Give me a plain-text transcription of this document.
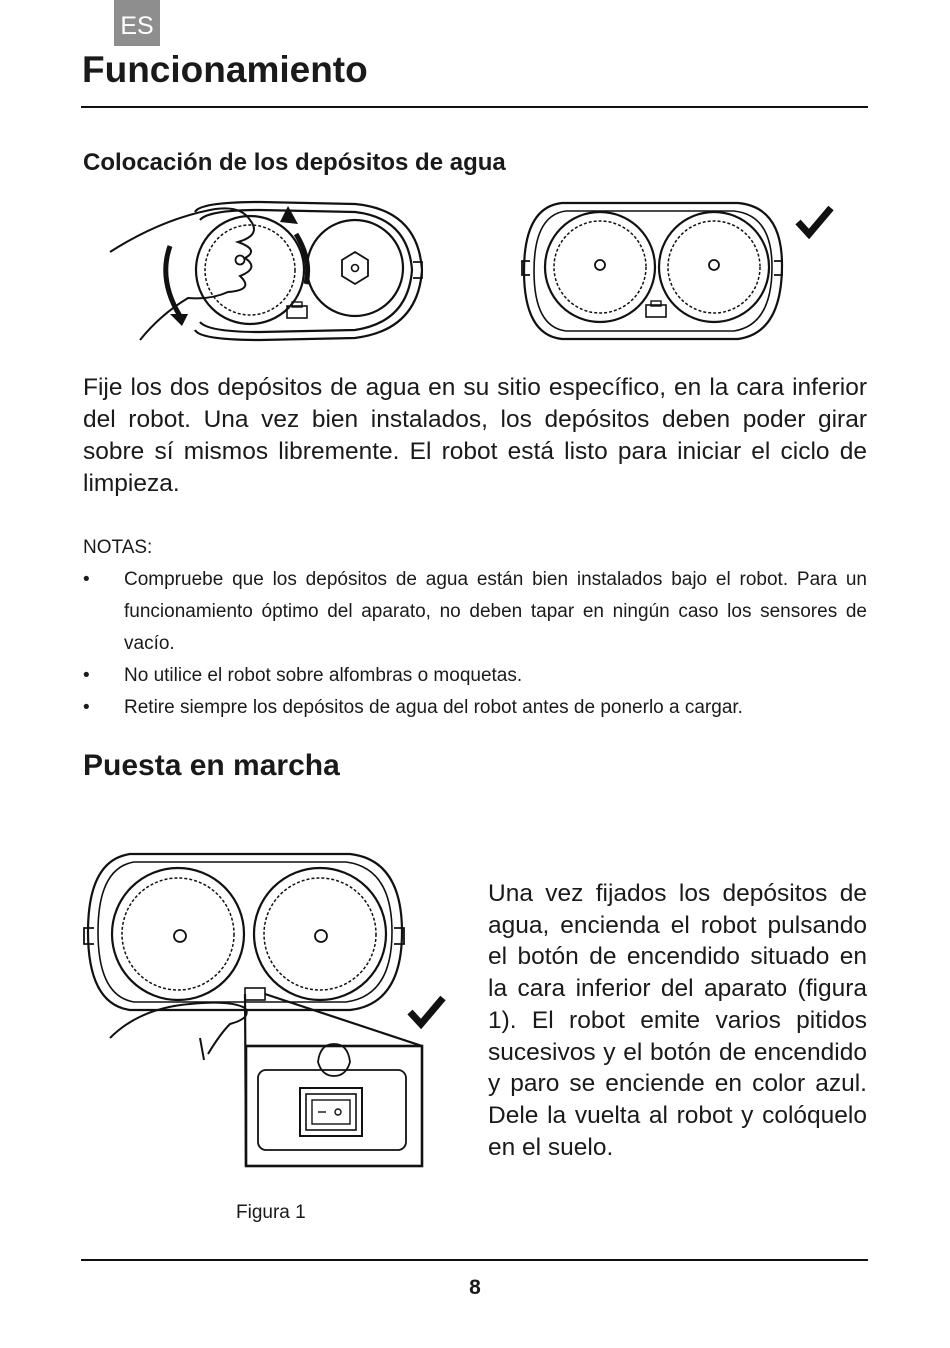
ES
Funcionamiento
Colocación de los depósitos de agua

Fije los dos depósitos de agua en su sitio específico, en la cara inferior del robot. Una vez bien instalados, los depósitos deben poder girar sobre sí mismos libremente. El robot está listo para iniciar el ciclo de limpieza.

NOTAS:
• Compruebe que los depósitos de agua están bien instalados bajo el robot. Para un funcionamiento óptimo del aparato, no deben tapar en ningún caso los sensores de vacío.
• No utilice el robot sobre alfombras o moquetas.
• Retire siempre los depósitos de agua del robot antes de ponerlo a cargar.
Puesta en marcha

Una vez fijados los depósitos de agua, encienda el robot pulsando el botón de encendido situado en la cara inferior del aparato (figura 1). El robot emite varios pitidos sucesivos y el botón de encendido y paro se enciende en color azul. Dele la vuelta al robot y colóquelo en el suelo.

Figura 1
8
